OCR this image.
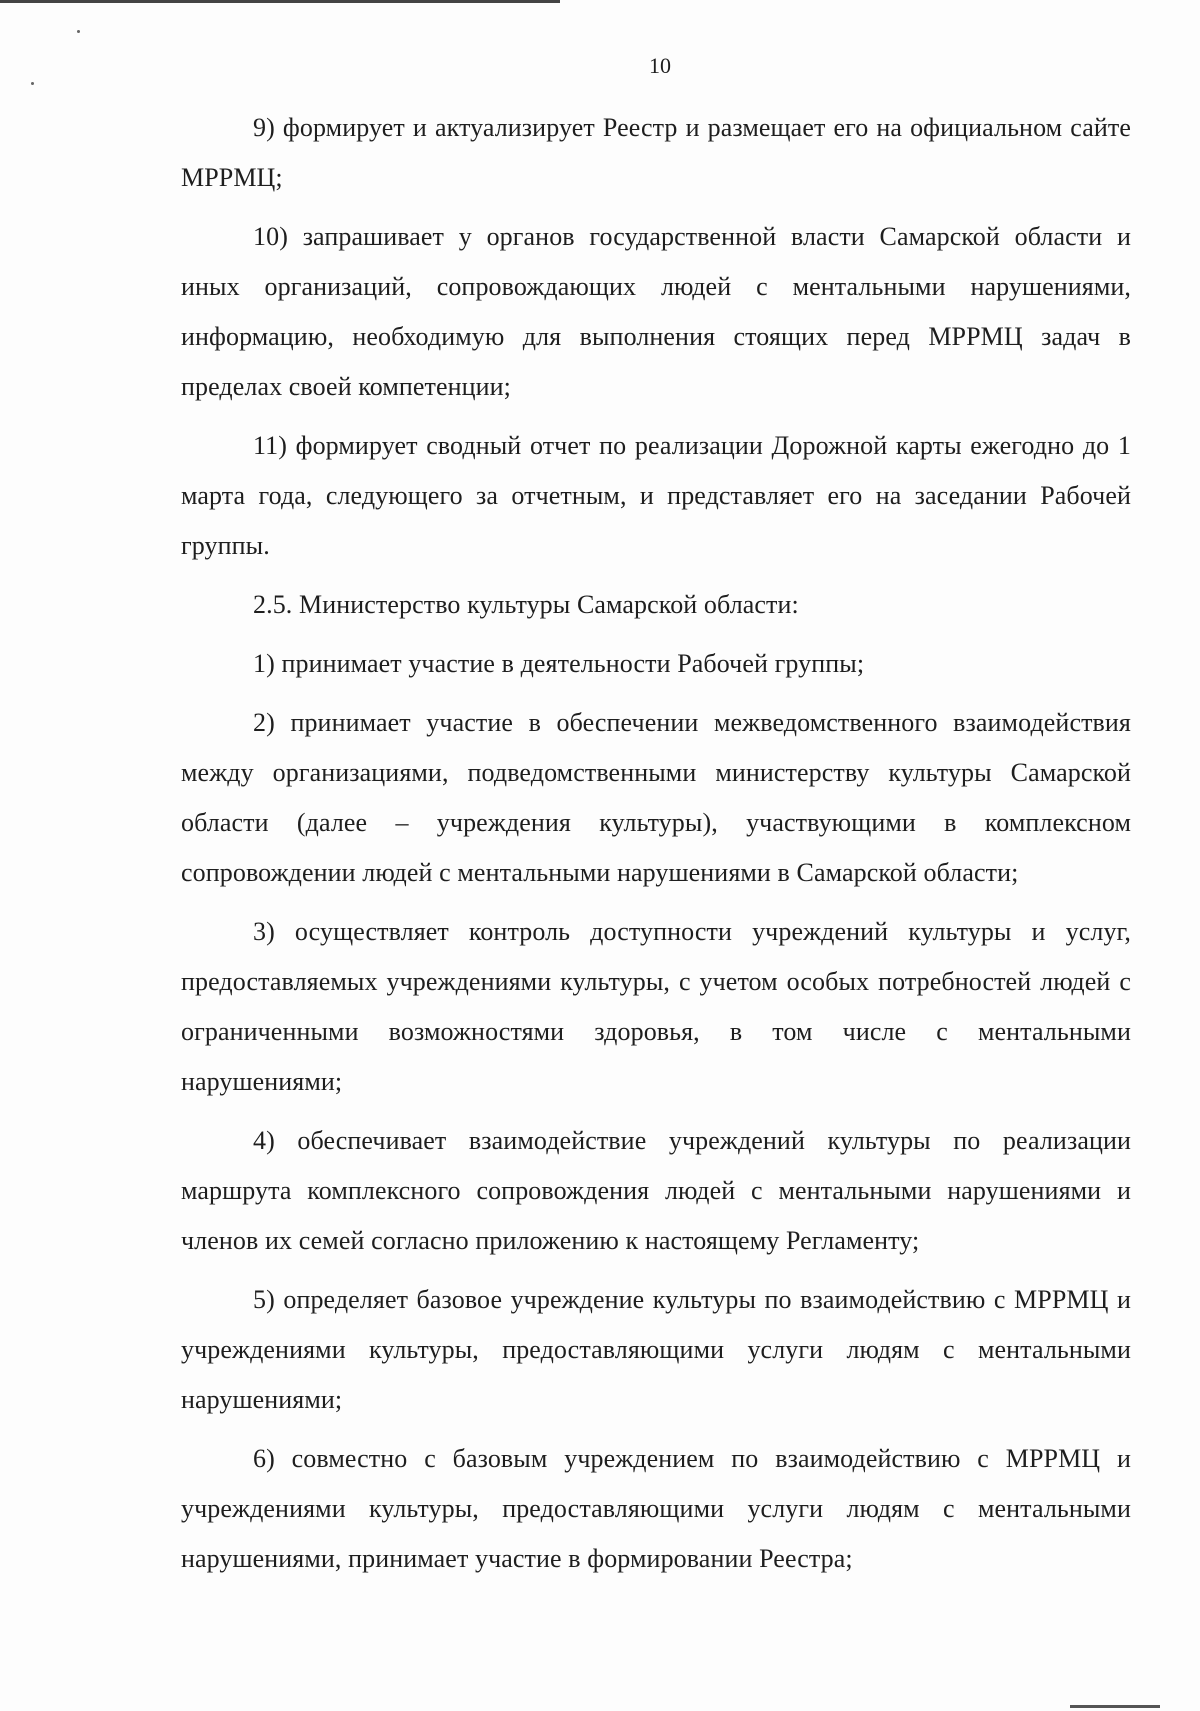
10

9) формирует и актуализирует Реестр и размещает его на официальном сайте МРРМЦ;

10) запрашивает у органов государственной власти Самарской области и иных организаций, сопровождающих людей с ментальными нарушениями, информацию, необходимую для выполнения стоящих перед МРРМЦ задач в пределах своей компетенции;

11) формирует сводный отчет по реализации Дорожной карты ежегодно до 1 марта года, следующего за отчетным, и представляет его на заседании Рабочей группы.

2.5. Министерство культуры Самарской области:

1) принимает участие в деятельности Рабочей группы;

2) принимает участие в обеспечении межведомственного взаимодействия между организациями, подведомственными министерству культуры Самарской области (далее – учреждения культуры), участвующими в комплексном сопровождении людей с ментальными нарушениями в Самарской области;

3) осуществляет контроль доступности учреждений культуры и услуг, предоставляемых учреждениями культуры, с учетом особых потребностей людей с ограниченными возможностями здоровья, в том числе с ментальными нарушениями;

4) обеспечивает взаимодействие учреждений культуры по реализации маршрута комплексного сопровождения людей с ментальными нарушениями и членов их семей согласно приложению к настоящему Регламенту;

5) определяет базовое учреждение культуры по взаимодействию с МРРМЦ и учреждениями культуры, предоставляющими услуги людям с ментальными нарушениями;

6) совместно с базовым учреждением по взаимодействию с МРРМЦ и учреждениями культуры, предоставляющими услуги людям с ментальными нарушениями, принимает участие в формировании Реестра;
